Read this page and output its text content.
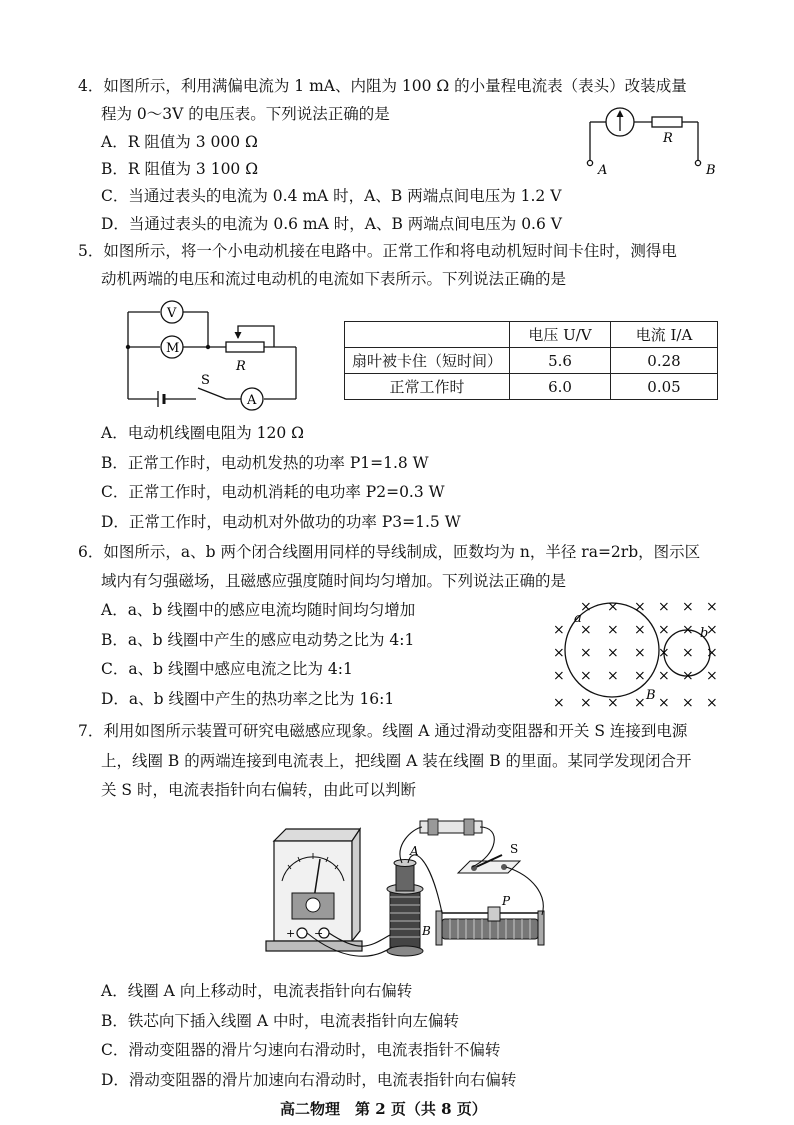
4．如图所示，利用满偏电流为 1 mA、内阻为 100 Ω 的小量程电流表（表头）改装成量
程为 0～3V 的电压表。下列说法正确的是
A．R 阻值为 3 000 Ω
B．R 阻值为 3 100 Ω
C．当通过表头的电流为 0.4 mA 时，A、B 两端点间电压为 1.2 V
D．当通过表头的电流为 0.6 mA 时，A、B 两端点间电压为 0.6 V
R
A	B
5．如图所示，将一个小电动机接在电路中。正常工作和将电动机短时间卡住时，测得电
动机两端的电压和流过电动机的电流如下表所示。下列说法正确的是
V
M
R
S
A
	电压 U/V	电流 I/A
扇叶被卡住（短时间）	5.6	0.28
正常工作时	6.0	0.05
A．电动机线圈电阻为 120 Ω
B．正常工作时，电动机发热的功率 P1=1.8 W
C．正常工作时，电动机消耗的电功率 P2=0.3 W
D．正常工作时，电动机对外做功的功率 P3=1.5 W
6．如图所示，a、b 两个闭合线圈用同样的导线制成，匝数均为 n，半径 ra=2rb，图示区
域内有匀强磁场，且磁感应强度随时间均匀增加。下列说法正确的是
A．a、b 线圈中的感应电流均随时间均匀增加
B．a、b 线圈中产生的感应电动势之比为 4:1
C．a、b 线圈中感应电流之比为 4:1
D．a、b 线圈中产生的热功率之比为 16:1
a
b
B
× × × × × ×
× × × × × × ×
× × × × × × ×
× × × × × × ×
× × × × × × ×
7．利用如图所示装置可研究电磁感应现象。线圈 A 通过滑动变阻器和开关 S 连接到电源
上，线圈 B 的两端连接到电流表上，把线圈 A 装在线圈 B 的里面。某同学发现闭合开
关 S 时，电流表指针向右偏转，由此可以判断
+ −
A
B
S
P
A．线圈 A 向上移动时，电流表指针向右偏转
B．铁芯向下插入线圈 A 中时，电流表指针向左偏转
C．滑动变阻器的滑片匀速向右滑动时，电流表指针不偏转
D．滑动变阻器的滑片加速向右滑动时，电流表指针向右偏转
高二物理　第 2 页（共 8 页）
